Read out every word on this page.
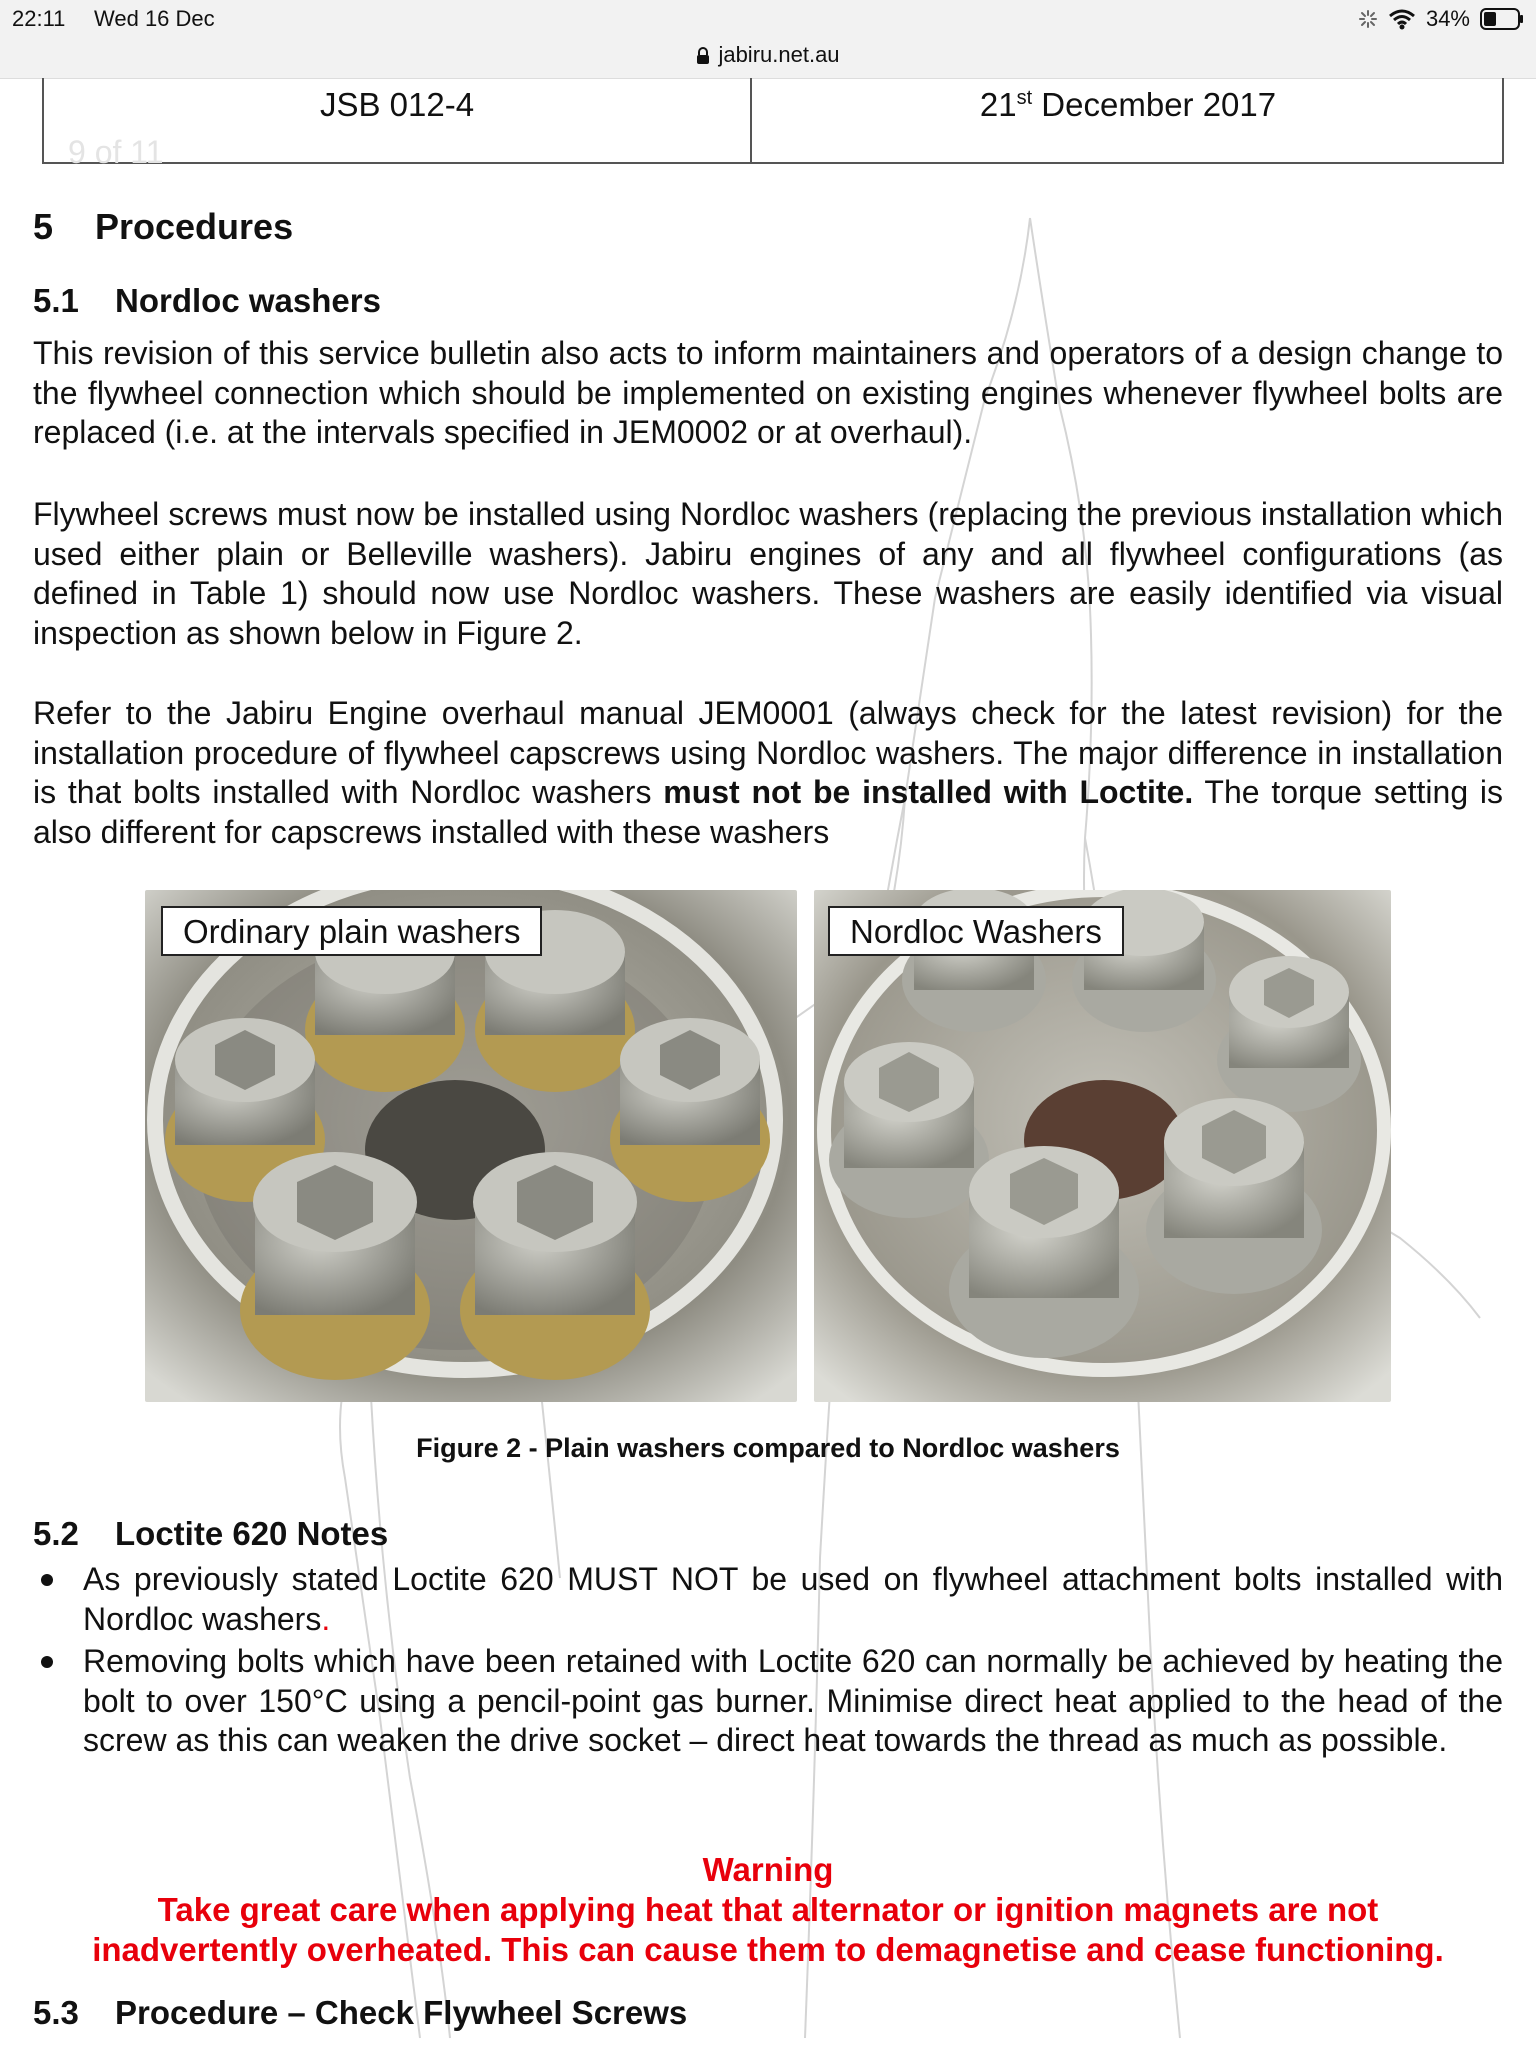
22:11 Wed 16 Dec	34%
jabiru.net.au
JSB 012-4	21st December 2017
9 of 11
5 Procedures
5.1 Nordloc washers

This revision of this service bulletin also acts to inform maintainers and operators of a design change to the flywheel connection which should be implemented on existing engines whenever flywheel bolts are replaced (i.e. at the intervals specified in JEM0002 or at overhaul).

Flywheel screws must now be installed using Nordloc washers (replacing the previous installation which used either plain or Belleville washers). Jabiru engines of any and all flywheel configurations (as defined in Table 1) should now use Nordloc washers. These washers are easily identified via visual inspection as shown below in Figure 2.

Refer to the Jabiru Engine overhaul manual JEM0001 (always check for the latest revision) for the installation procedure of flywheel capscrews using Nordloc washers. The major difference in installation is that bolts installed with Nordloc washers must not be installed with Loctite. The torque setting is also different for capscrews installed with these washers

Ordinary plain washers	Nordloc Washers
Figure 2 - Plain washers compared to Nordloc washers
5.2 Loctite 620 Notes
As previously stated Loctite 620 MUST NOT be used on flywheel attachment bolts installed with Nordloc washers.
Removing bolts which have been retained with Loctite 620 can normally be achieved by heating the bolt to over 150°C using a pencil-point gas burner. Minimise direct heat applied to the head of the screw as this can weaken the drive socket – direct heat towards the thread as much as possible.
Warning
Take great care when applying heat that alternator or ignition magnets are not
inadvertently overheated. This can cause them to demagnetise and cease functioning.
5.3 Procedure – Check Flywheel Screws
